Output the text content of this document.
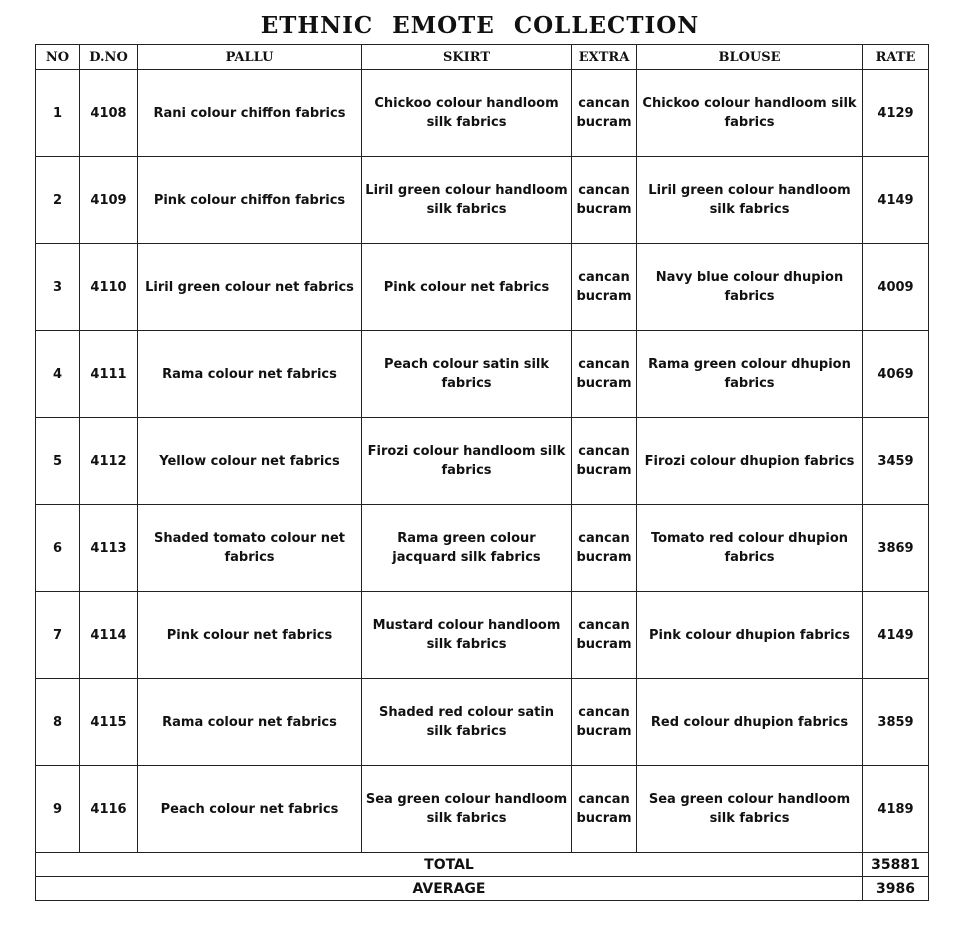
ETHNIC EMOTE COLLECTION
NO	D.NO	PALLU	SKIRT	EXTRA	BLOUSE	RATE
1	4108	Rani colour chiffon fabrics	Chickoo colour handloom silk fabrics	cancan bucram	Chickoo colour handloom silk fabrics	4129
2	4109	Pink colour chiffon fabrics	Liril green colour handloom silk fabrics	cancan bucram	Liril green colour handloom silk fabrics	4149
3	4110	Liril green colour net fabrics	Pink colour net fabrics	cancan bucram	Navy blue colour dhupion fabrics	4009
4	4111	Rama colour net fabrics	Peach colour satin silk fabrics	cancan bucram	Rama green colour dhupion fabrics	4069
5	4112	Yellow colour net fabrics	Firozi colour handloom silk fabrics	cancan bucram	Firozi colour dhupion fabrics	3459
6	4113	Shaded tomato colour net fabrics	Rama green colour jacquard silk fabrics	cancan bucram	Tomato red colour dhupion fabrics	3869
7	4114	Pink colour net fabrics	Mustard colour handloom silk fabrics	cancan bucram	Pink colour dhupion fabrics	4149
8	4115	Rama colour net fabrics	Shaded red colour satin silk fabrics	cancan bucram	Red colour dhupion fabrics	3859
9	4116	Peach colour net fabrics	Sea green colour handloom silk fabrics	cancan bucram	Sea green colour handloom silk fabrics	4189
TOTAL						35881
AVERAGE						3986
